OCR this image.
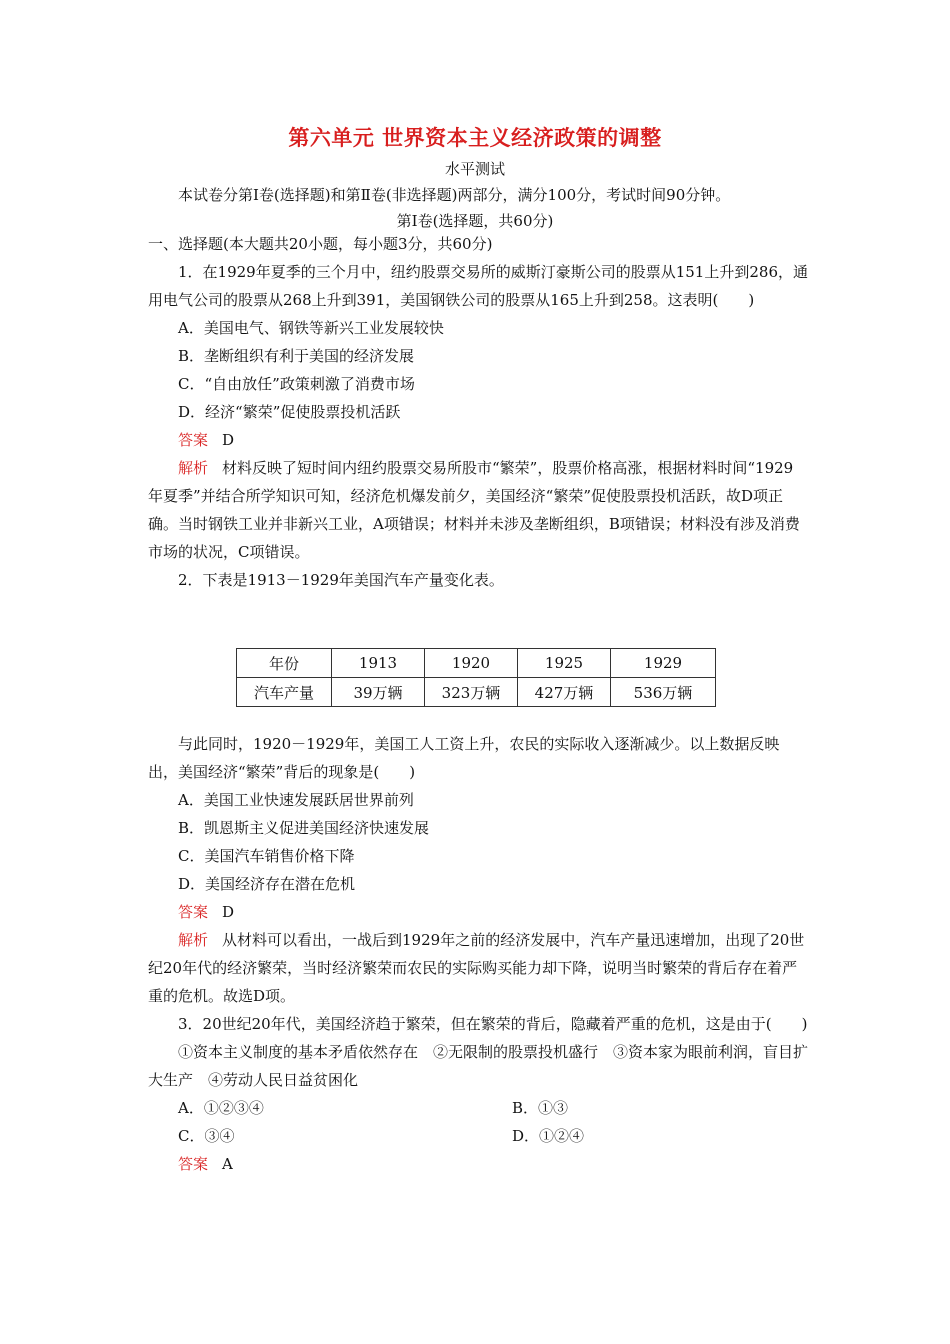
第六单元 世界资本主义经济政策的调整
水平测试
本试卷分第Ⅰ卷(选择题)和第Ⅱ卷(非选择题)两部分，满分100分，考试时间90分钟。
第Ⅰ卷(选择题，共60分)
一、选择题(本大题共20小题，每小题3分，共60分)
1．在1929年夏季的三个月中，纽约股票交易所的威斯汀豪斯公司的股票从151上升到286，通用电气公司的股票从268上升到391，美国钢铁公司的股票从165上升到258。这表明(　　)
A．美国电气、钢铁等新兴工业发展较快
B．垄断组织有利于美国的经济发展
C．“自由放任”政策刺激了消费市场
D．经济“繁荣”促使股票投机活跃
答案 D
解析 材料反映了短时间内纽约股票交易所股市“繁荣”，股票价格高涨，根据材料时间“1929年夏季”并结合所学知识可知，经济危机爆发前夕，美国经济“繁荣”促使股票投机活跃，故D项正确。当时钢铁工业并非新兴工业，A项错误；材料并未涉及垄断组织，B项错误；材料没有涉及消费市场的状况，C项错误。
2．下表是1913－1929年美国汽车产量变化表。
年份	1913	1920	1925	1929
汽车产量	39万辆	323万辆	427万辆	536万辆
与此同时，1920－1929年，美国工人工资上升，农民的实际收入逐渐减少。以上数据反映出，美国经济“繁荣”背后的现象是(　　)
A．美国工业快速发展跃居世界前列
B．凯恩斯主义促进美国经济快速发展
C．美国汽车销售价格下降
D．美国经济存在潜在危机
答案 D
解析 从材料可以看出，一战后到1929年之前的经济发展中，汽车产量迅速增加，出现了20世纪20年代的经济繁荣，当时经济繁荣而农民的实际购买能力却下降，说明当时繁荣的背后存在着严重的危机。故选D项。
3．20世纪20年代，美国经济趋于繁荣，但在繁荣的背后，隐藏着严重的危机，这是由于(　　)
①资本主义制度的基本矛盾依然存在　②无限制的股票投机盛行　③资本家为眼前利润，盲目扩大生产　④劳动人民日益贫困化
A．①②③④	B．①③
C．③④	D．①②④
答案 A
